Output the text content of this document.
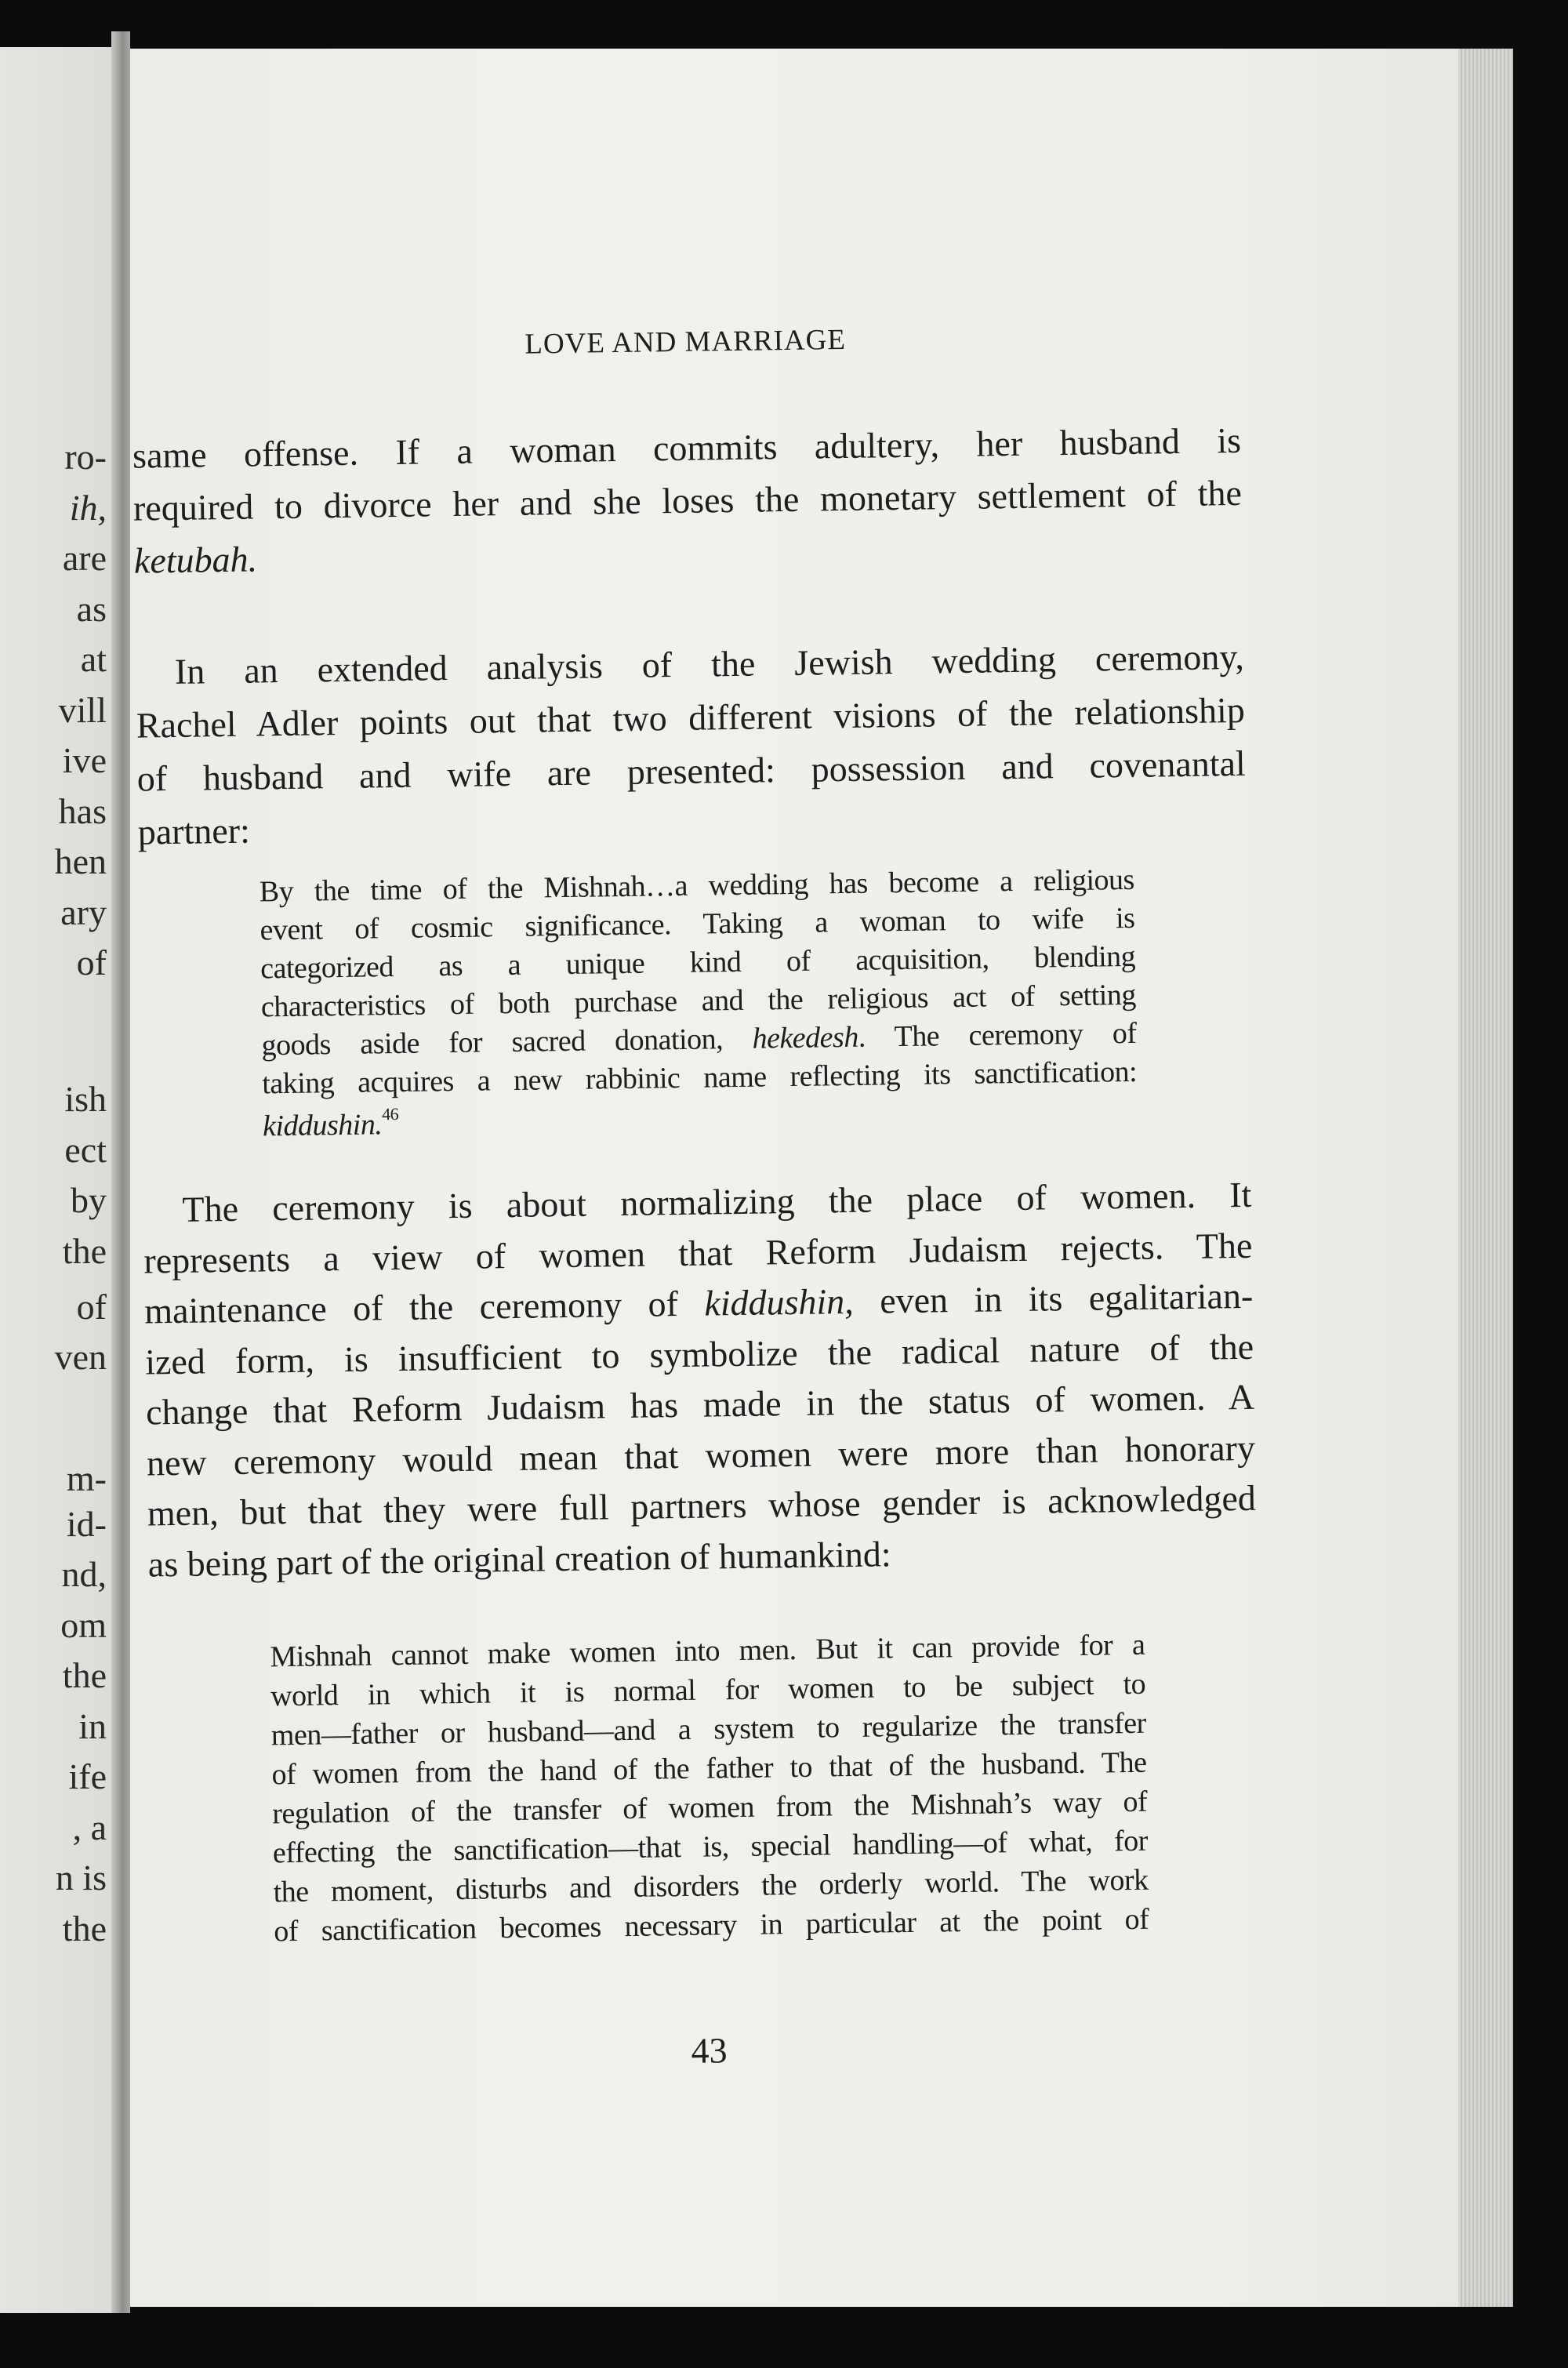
ro-
ih,
are
as
at
vill
ive
has
hen
ary
of
ish
ect
by
the
of
ven
m-
id-
nd,
om
the
in
ife
, a
n is
the
LOVE AND MARRIAGE
43
same offense. If a woman commits adultery, her husband is
required to divorce her and she loses the monetary settlement of the
ketubah.
In an extended analysis of the Jewish wedding ceremony,
Rachel Adler points out that two different visions of the relationship
of husband and wife are presented: possession and covenantal
partner:
By the time of the Mishnah…a wedding has become a religious
event of cosmic significance. Taking a woman to wife is
categorized as a unique kind of acquisition, blending
characteristics of both purchase and the religious act of setting
goods aside for sacred donation, hekedesh. The ceremony of
taking acquires a new rabbinic name reflecting its sanctification:
kiddushin.$^{46}$
The ceremony is about normalizing the place of women. It
represents a view of women that Reform Judaism rejects. The
maintenance of the ceremony of kiddushin, even in its egalitarian-
ized form, is insufficient to symbolize the radical nature of the
change that Reform Judaism has made in the status of women. A
new ceremony would mean that women were more than honorary
men, but that they were full partners whose gender is acknowledged
as being part of the original creation of humankind:
Mishnah cannot make women into men. But it can provide for a
world in which it is normal for women to be subject to
men—father or husband—and a system to regularize the transfer
of women from the hand of the father to that of the husband. The
regulation of the transfer of women from the Mishnah’s way of
effecting the sanctification—that is, special handling—of what, for
the moment, disturbs and disorders the orderly world. The work
of sanctification becomes necessary in particular at the point of
